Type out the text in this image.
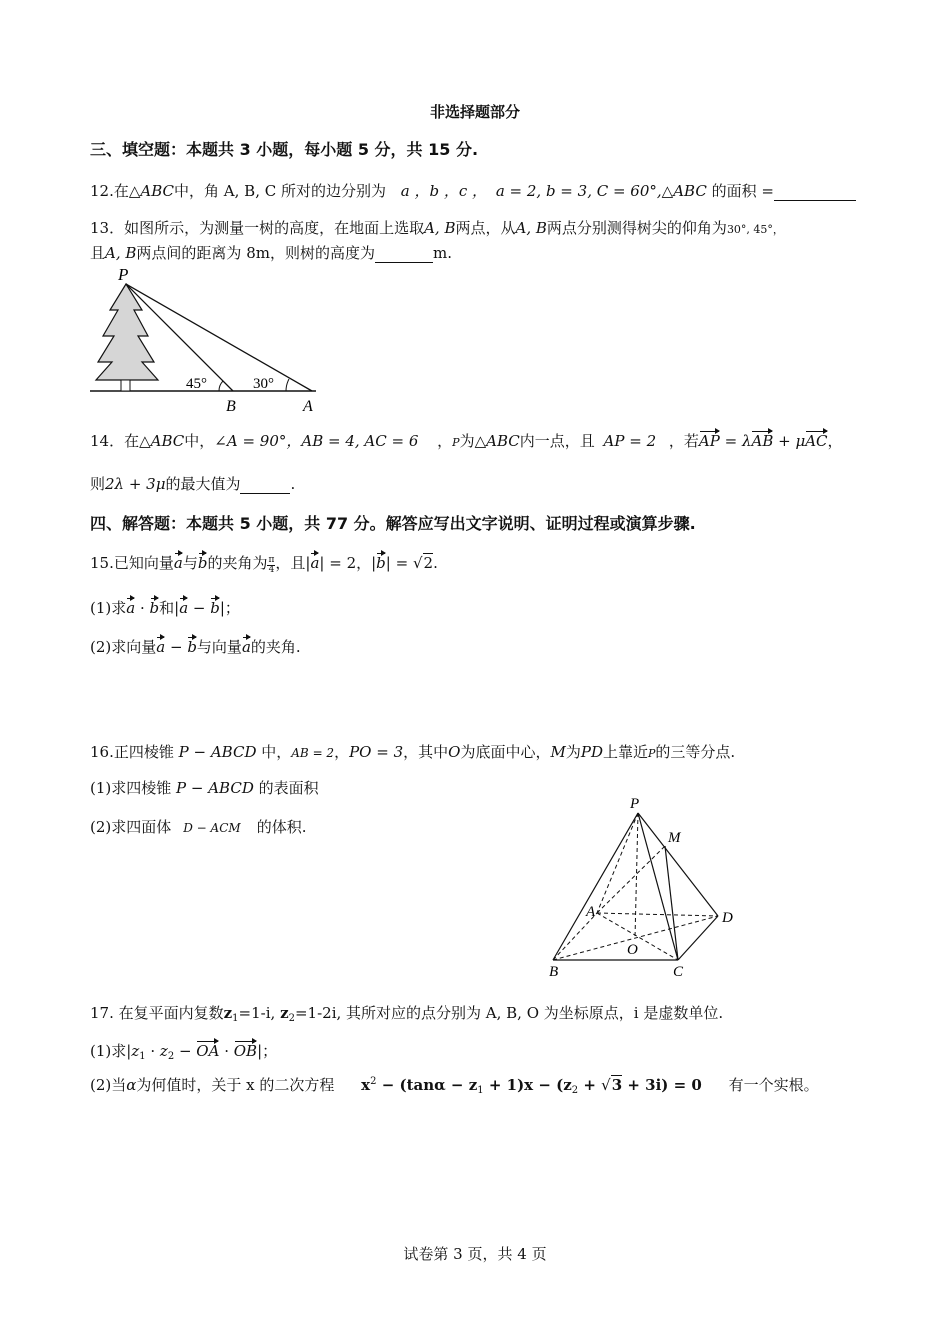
非选择题部分
三、填空题：本题共 3 小题，每小题 5 分，共 15 分.
12.在△ABC中，角 A, B, C 所对的边分别为 a ，b ，c ， a = 2, b = 3, C = 60°,△ABC 的面积 =
13．如图所示，为测量一树的高度，在地面上选取A, B两点，从A, B两点分别测得树尖的仰角为30°, 45°，
且A, B两点间的距离为 8m，则树的高度为	m.
P
45°	30°
B	A
14．在△ABC中，∠A = 90°，AB = 4, AC = 6 ，P为△ABC内一点，且 AP = 2 ，若AP = λAB + μAC，
则2λ + 3μ的最大值为	.
四、解答题：本题共 5 小题，共 77 分。解答应写出文字说明、证明过程或演算步骤.
15.已知向量a与b的夹角为 $\frac{\pi}{4}$ ，且|a| = 2，|b| = √2.
(1)求a · b和|a − b|；
(2)求向量a − b与向量a的夹角.
16.正四棱锥 P − ABCD 中，AB = 2，PO = 3，其中O为底面中心，M为PD上靠近P的三等分点.
(1)求四棱锥 P − ABCD 的表面积
(2)求四面体 D − ACM 的体积.
P
M
A	D
O
B	C
17. 在复平面内复数$z_1=1-i$, $z_2=1-2i$, 其所对应的点分别为 A, B, O 为坐标原点，i 是虚数单位.
(1)求$|z_1 \cdot z_2$ − OA · OB|；
(2)当α为何值时，关于 x 的二次方程 $x^2 - (\tan\alpha - z_1 + 1)x - (z_2 + √3 + 3i) = 0$ 有一个实根。
试卷第 3 页，共 4 页
